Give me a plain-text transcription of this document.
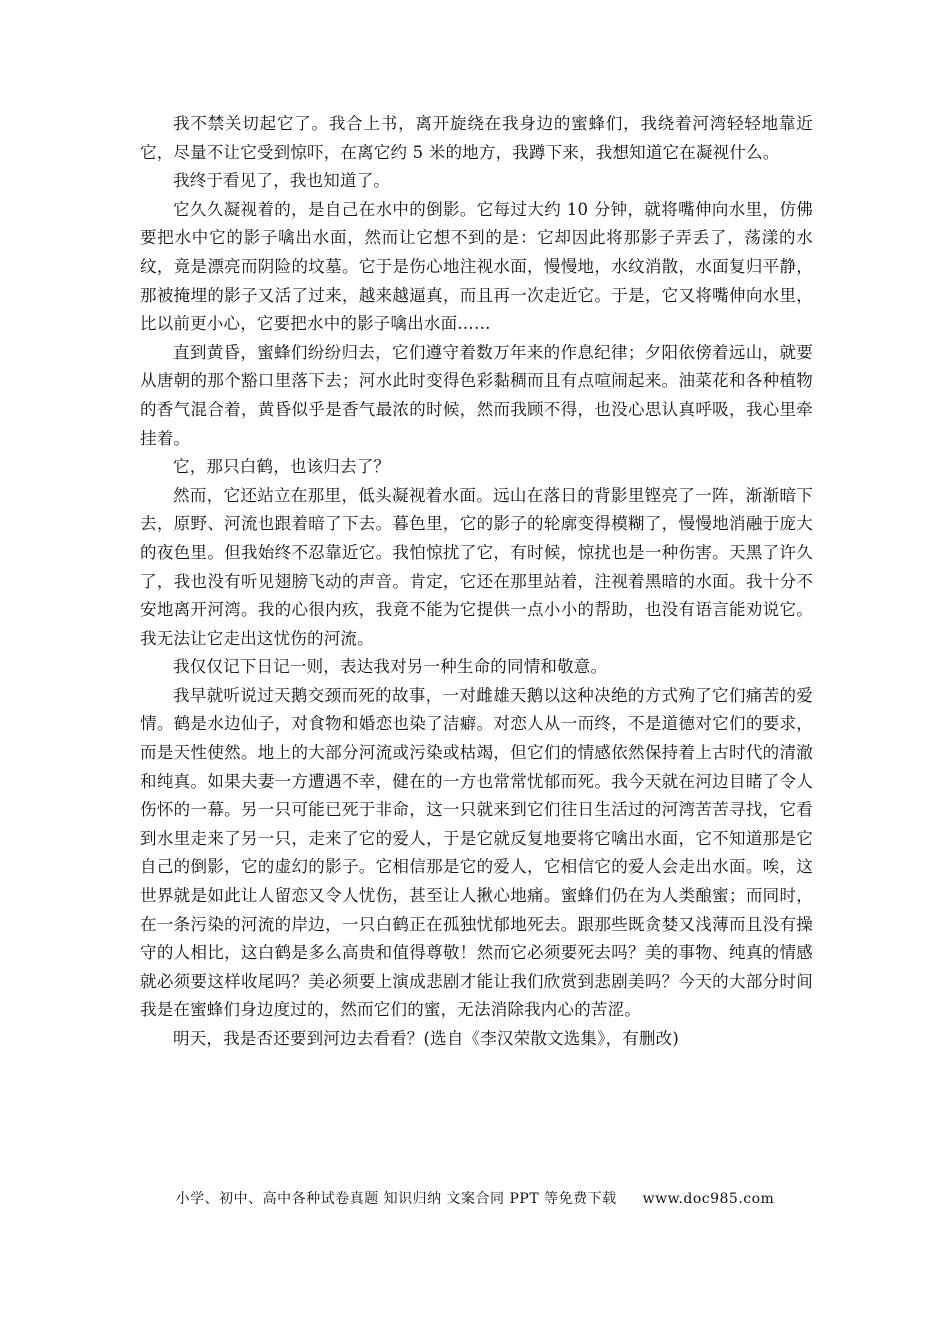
我不禁关切起它了。我合上书，离开旋绕在我身边的蜜蜂们，我绕着河湾轻轻地靠近它，尽量不让它受到惊吓，在离它约 5 米的地方，我蹲下来，我想知道它在凝视什么。

我终于看见了，我也知道了。

它久久凝视着的，是自己在水中的倒影。它每过大约 10 分钟，就将嘴伸向水里，仿佛要把水中它的影子噙出水面，然而让它想不到的是：它却因此将那影子弄丢了，荡漾的水纹，竟是漂亮而阴险的坟墓。它于是伤心地注视水面，慢慢地，水纹消散，水面复归平静，那被掩埋的影子又活了过来，越来越逼真，而且再一次走近它。于是，它又将嘴伸向水里，比以前更小心，它要把水中的影子噙出水面……

直到黄昏，蜜蜂们纷纷归去，它们遵守着数万年来的作息纪律；夕阳依傍着远山，就要从唐朝的那个豁口里落下去；河水此时变得色彩黏稠而且有点喧闹起来。油菜花和各种植物的香气混合着，黄昏似乎是香气最浓的时候，然而我顾不得，也没心思认真呼吸，我心里牵挂着。

它，那只白鹤，也该归去了？

然而，它还站立在那里，低头凝视着水面。远山在落日的背影里铿亮了一阵，渐渐暗下去，原野、河流也跟着暗了下去。暮色里，它的影子的轮廓变得模糊了，慢慢地消融于庞大的夜色里。但我始终不忍靠近它。我怕惊扰了它，有时候，惊扰也是一种伤害。天黑了许久了，我也没有听见翅膀飞动的声音。肯定，它还在那里站着，注视着黑暗的水面。我十分不安地离开河湾。我的心很内疚，我竟不能为它提供一点小小的帮助，也没有语言能劝说它。我无法让它走出这忧伤的河流。

我仅仅记下日记一则，表达我对另一种生命的同情和敬意。

我早就听说过天鹅交颈而死的故事，一对雌雄天鹅以这种决绝的方式殉了它们痛苦的爱情。鹤是水边仙子，对食物和婚恋也染了洁癖。对恋人从一而终，不是道德对它们的要求，而是天性使然。地上的大部分河流或污染或枯竭，但它们的情感依然保持着上古时代的清澈和纯真。如果夫妻一方遭遇不幸，健在的一方也常常忧郁而死。我今天就在河边目睹了令人伤怀的一幕。另一只可能已死于非命，这一只就来到它们往日生活过的河湾苦苦寻找，它看到水里走来了另一只，走来了它的爱人，于是它就反复地要将它噙出水面，它不知道那是它自己的倒影，它的虚幻的影子。它相信那是它的爱人，它相信它的爱人会走出水面。唉，这世界就是如此让人留恋又令人忧伤，甚至让人揪心地痛。蜜蜂们仍在为人类酿蜜；而同时，在一条污染的河流的岸边，一只白鹤正在孤独忧郁地死去。跟那些既贪婪又浅薄而且没有操守的人相比，这白鹤是多么高贵和值得尊敬！然而它必须要死去吗？美的事物、纯真的情感就必须要这样收尾吗？美必须要上演成悲剧才能让我们欣赏到悲剧美吗？今天的大部分时间我是在蜜蜂们身边度过的，然而它们的蜜，无法消除我内心的苦涩。

明天，我是否还要到河边去看看？(选自《李汉荣散文选集》，有删改)

小学、初中、高中各种试卷真题 知识归纳 文案合同 PPT 等免费下载 www.doc985.com
